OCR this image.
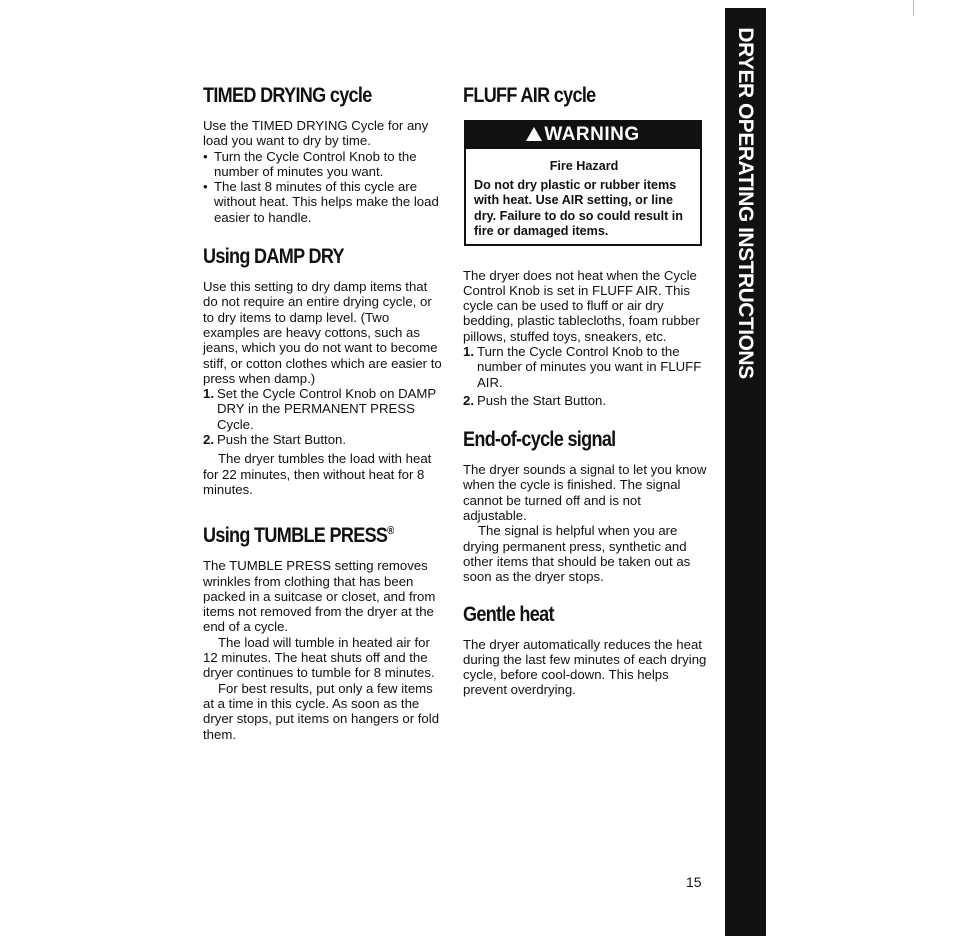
TIMED DRYING cycle

Use the TIMED DRYING Cycle for any load you want to dry by time.

• Turn the Cycle Control Knob to the number of minutes you want.
• The last 8 minutes of this cycle are without heat. This helps make the load easier to handle.
Using DAMP DRY

Use this setting to dry damp items that do not require an entire drying cycle, or to dry items to damp level. (Two examples are heavy cottons, such as jeans, which you do not want to become stiff, or cotton clothes which are easier to press when damp.)

1. Set the Cycle Control Knob on DAMP DRY in the PERMANENT PRESS Cycle.
2. Push the Start Button.

The dryer tumbles the load with heat for 22 minutes, then without heat for 8 minutes.

Using TUMBLE PRESS®

The TUMBLE PRESS setting removes wrinkles from clothing that has been packed in a suitcase or closet, and from items not removed from the dryer at the end of a cycle.

The load will tumble in heated air for 12 minutes. The heat shuts off and the dryer continues to tumble for 8 minutes.

For best results, put only a few items at a time in this cycle. As soon as the dryer stops, put items on hangers or fold them.

FLUFF AIR cycle
WARNING
Fire Hazard
Do not dry plastic or rubber items with heat. Use AIR setting, or line dry. Failure to do so could result in fire or damaged items.

The dryer does not heat when the Cycle Control Knob is set in FLUFF AIR. This cycle can be used to fluff or air dry bedding, plastic tablecloths, foam rubber pillows, stuffed toys, sneakers, etc.

1. Turn the Cycle Control Knob to the number of minutes you want in FLUFF AIR.
2. Push the Start Button.
End-of-cycle signal

The dryer sounds a signal to let you know when the cycle is finished. The signal cannot be turned off and is not adjustable.

The signal is helpful when you are drying permanent press, synthetic and other items that should be taken out as soon as the dryer stops.

Gentle heat

The dryer automatically reduces the heat during the last few minutes of each drying cycle, before cool-down. This helps prevent overdrying.

DRYER OPERATING INSTRUCTIONS
15
